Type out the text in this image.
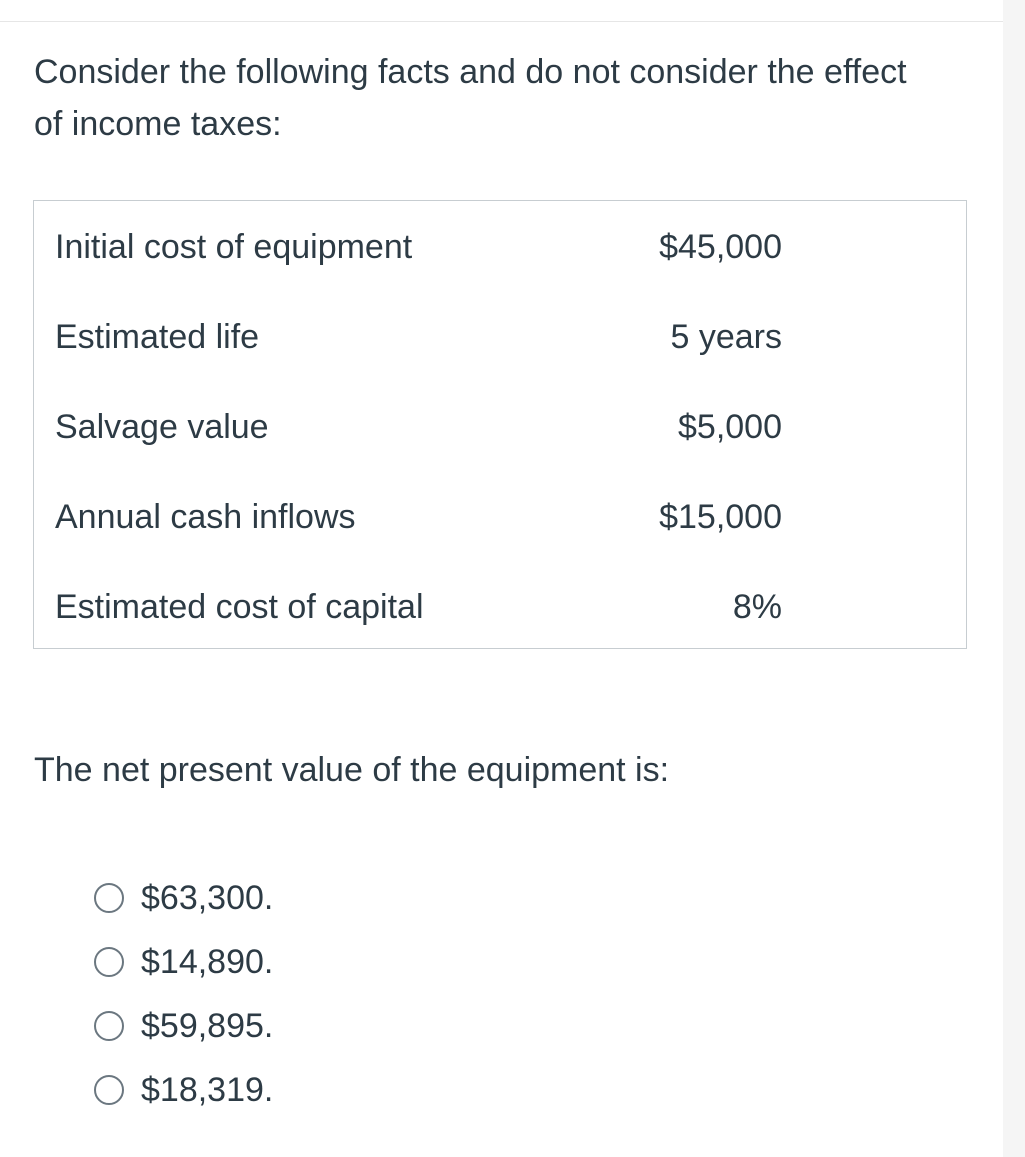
Consider the following facts and do not consider the effect of income taxes:

Initial cost of equipment	$45,000
Estimated life	5 years
Salvage value	$5,000
Annual cash inflows	$15,000
Estimated cost of capital	8%

The net present value of the equipment is:

$63,300.
$14,890.
$59,895.
$18,319.
